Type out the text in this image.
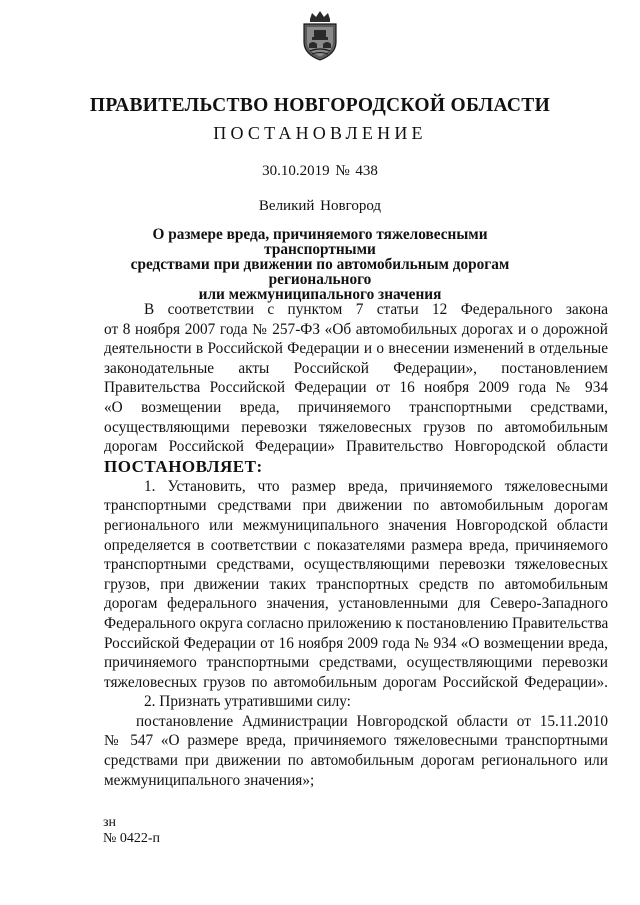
ПРАВИТЕЛЬСТВО НОВГОРОДСКОЙ ОБЛАСТИ
ПОСТАНОВЛЕНИЕ
30.10.2019 № 438
Великий Новгород
О размере вреда, причиняемого тяжеловесными транспортными
средствами при движении по автомобильным дорогам регионального
или межмуниципального значения
В соответствии с пунктом 7 статьи 12 Федерального закона
от 8 ноября 2007 года № 257-ФЗ «Об автомобильных дорогах и о дорожной
деятельности в Российской Федерации и о внесении изменений в отдельные
законодательные акты Российской Федерации», постановлением
Правительства Российской Федерации от 16 ноября 2009 года № 934
«О возмещении вреда, причиняемого транспортными средствами,
осуществляющими перевозки тяжеловесных грузов по автомобильным
дорогам Российской Федерации» Правительство Новгородской области
ПОСТАНОВЛЯЕТ:
1. Установить, что размер вреда, причиняемого тяжеловесными
транспортными средствами при движении по автомобильным дорогам
регионального или межмуниципального значения Новгородской области
определяется в соответствии с показателями размера вреда, причиняемого
транспортными средствами, осуществляющими перевозки тяжеловесных
грузов, при движении таких транспортных средств по автомобильным
дорогам федерального значения, установленными для Северо-Западного
Федерального округа согласно приложению к постановлению Правительства
Российской Федерации от 16 ноября 2009 года № 934 «О возмещении вреда,
причиняемого транспортными средствами, осуществляющими перевозки
тяжеловесных грузов по автомобильным дорогам Российской Федерации».
2. Признать утратившими силу:
постановление Администрации Новгородской области от 15.11.2010
№ 547 «О размере вреда, причиняемого тяжеловесными транспортными
средствами при движении по автомобильным дорогам регионального или
межмуниципального значения»;
зн
№ 0422-п
